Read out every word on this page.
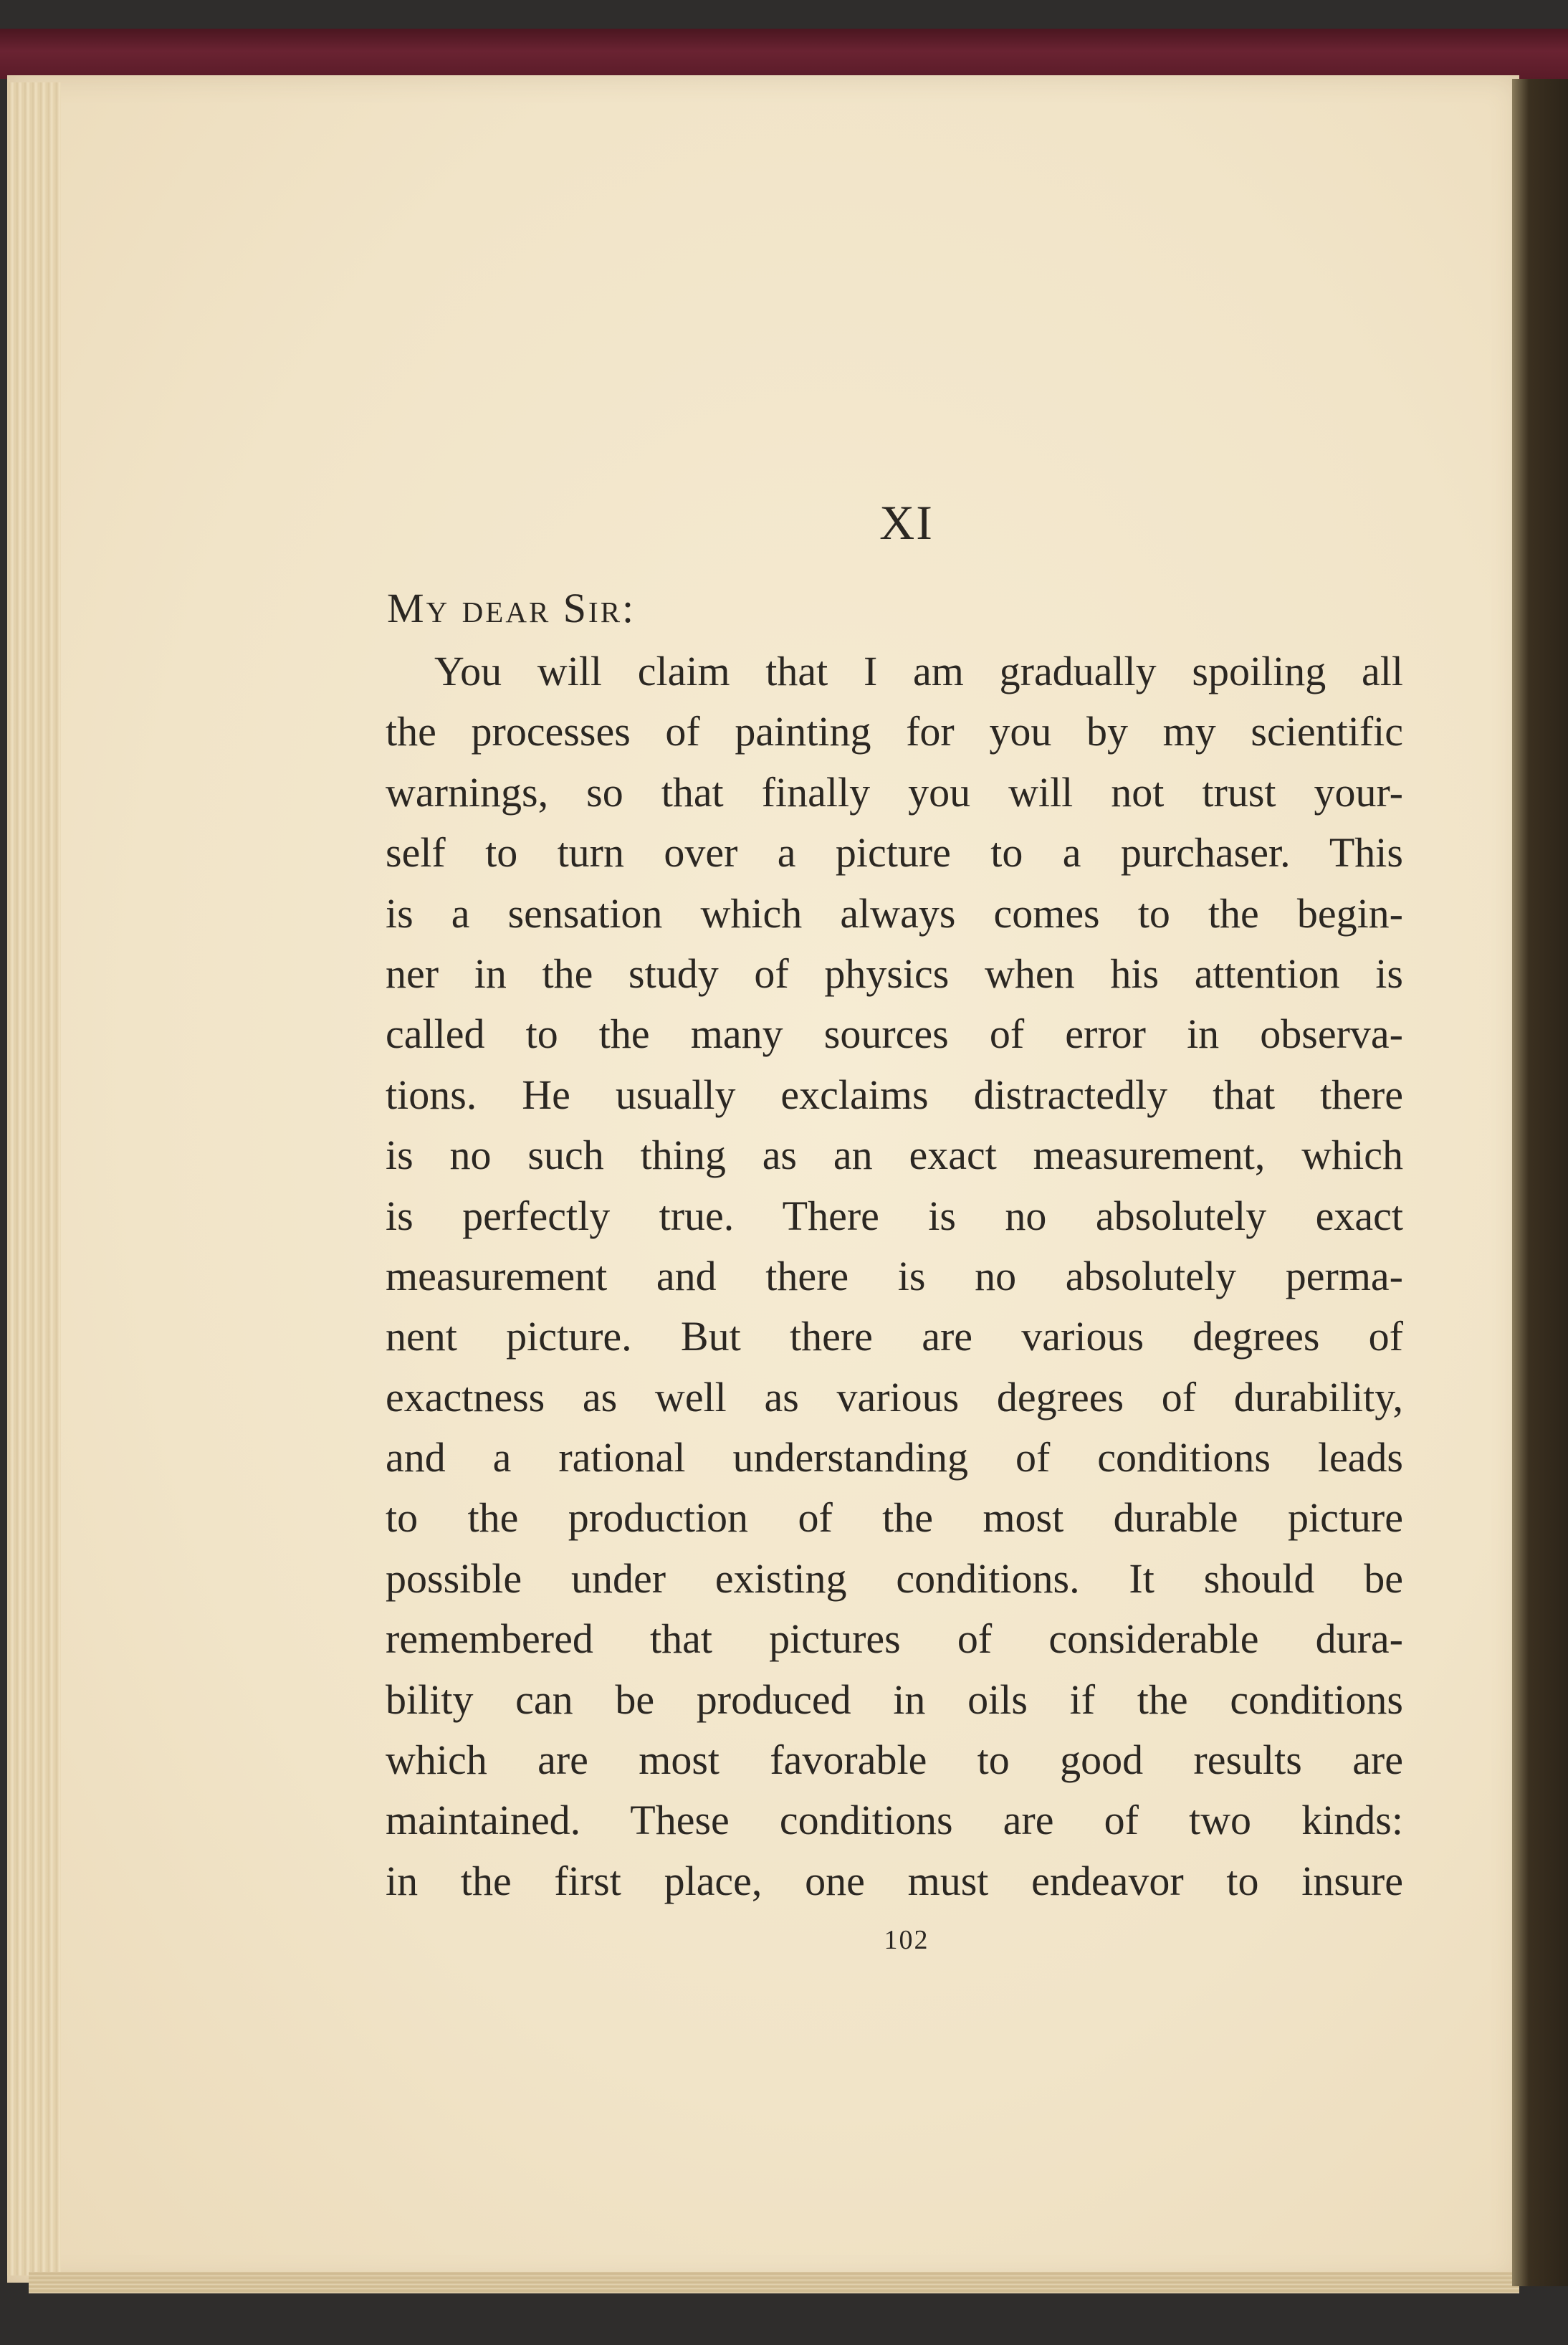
XI
My dear Sir:
You will claim that I am gradually spoiling all
the processes of painting for you by my scientific
warnings, so that finally you will not trust your-
self to turn over a picture to a purchaser. This
is a sensation which always comes to the begin-
ner in the study of physics when his attention is
called to the many sources of error in observa-
tions. He usually exclaims distractedly that there
is no such thing as an exact measurement, which
is perfectly true. There is no absolutely exact
measurement and there is no absolutely perma-
nent picture. But there are various degrees of
exactness as well as various degrees of durability,
and a rational understanding of conditions leads
to the production of the most durable picture
possible under existing conditions. It should be
remembered that pictures of considerable dura-
bility can be produced in oils if the conditions
which are most favorable to good results are
maintained. These conditions are of two kinds:
in the first place, one must endeavor to insure
102
